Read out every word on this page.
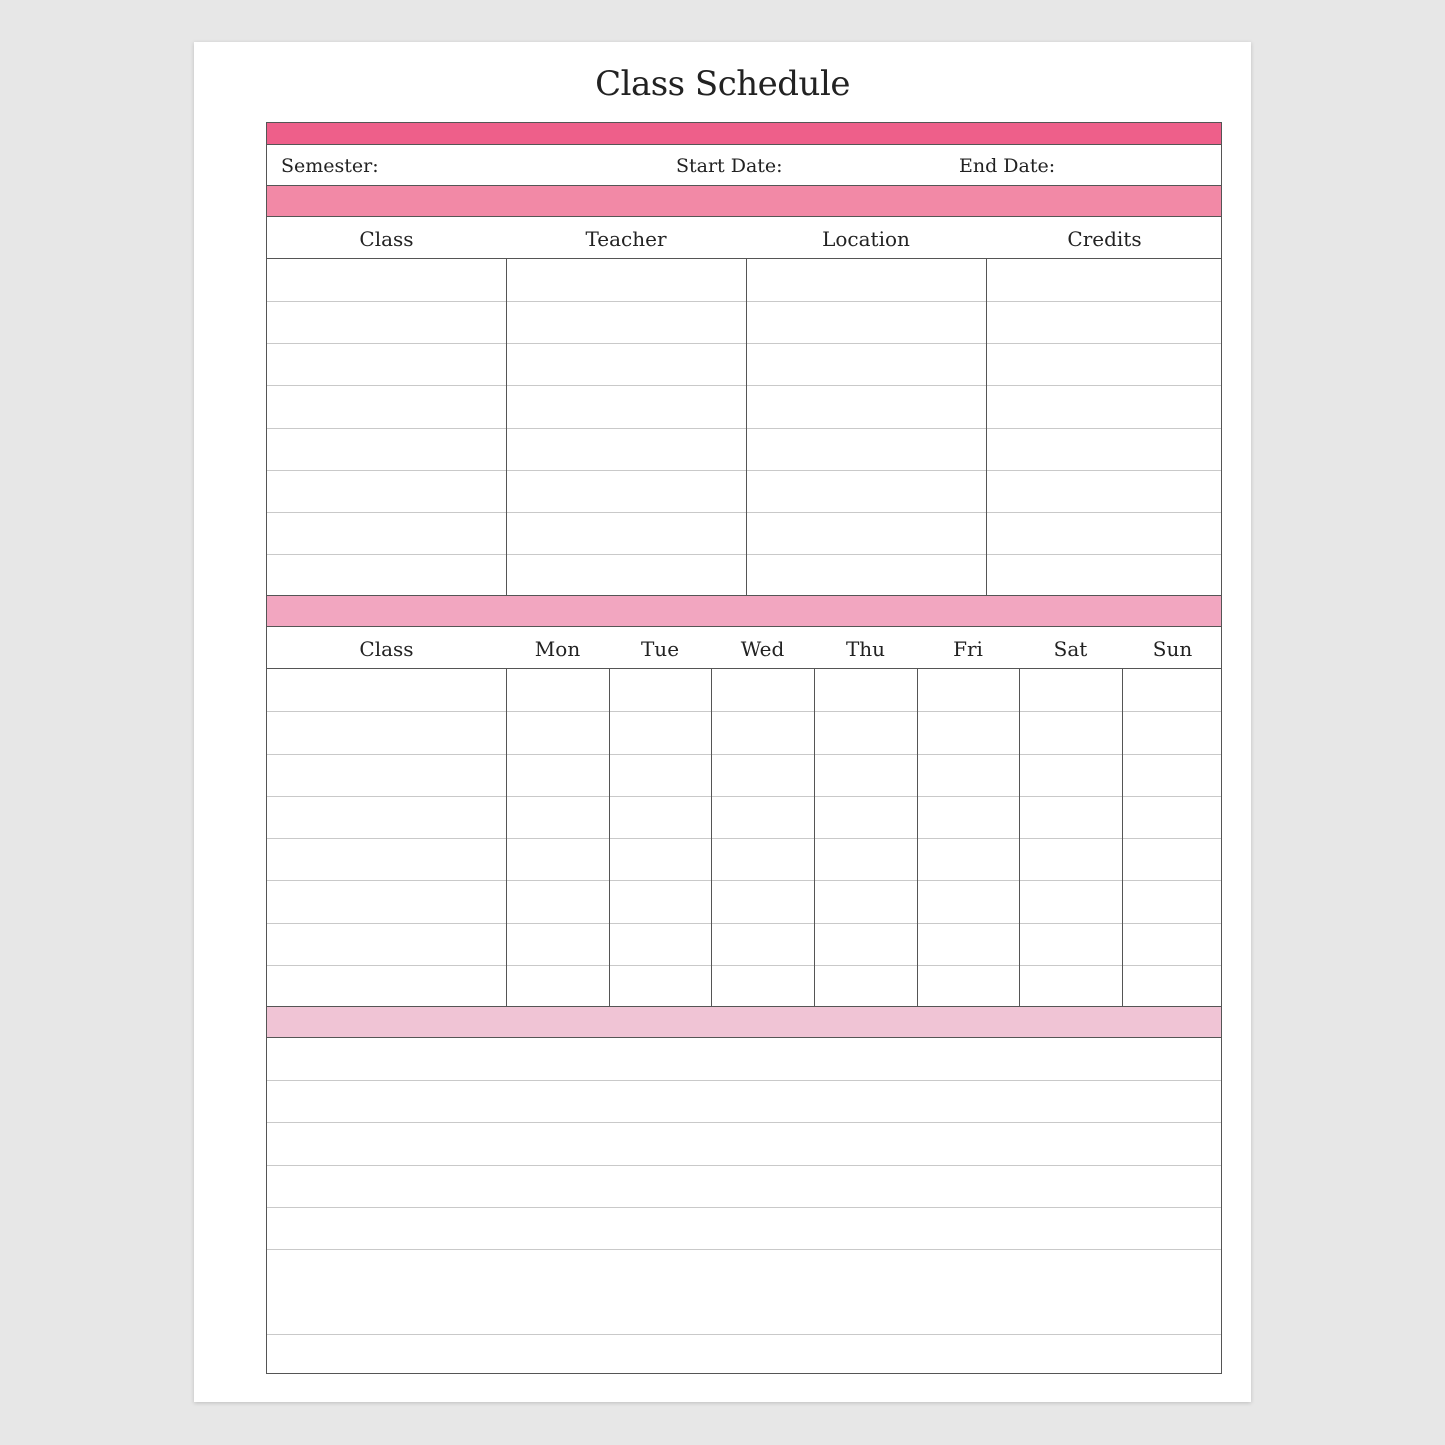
Class Schedule
Semester:	Start Date:	End Date:
Class	Teacher	Location	Credits
Class	Mon	Tue	Wed	Thu	Fri	Sat	Sun
